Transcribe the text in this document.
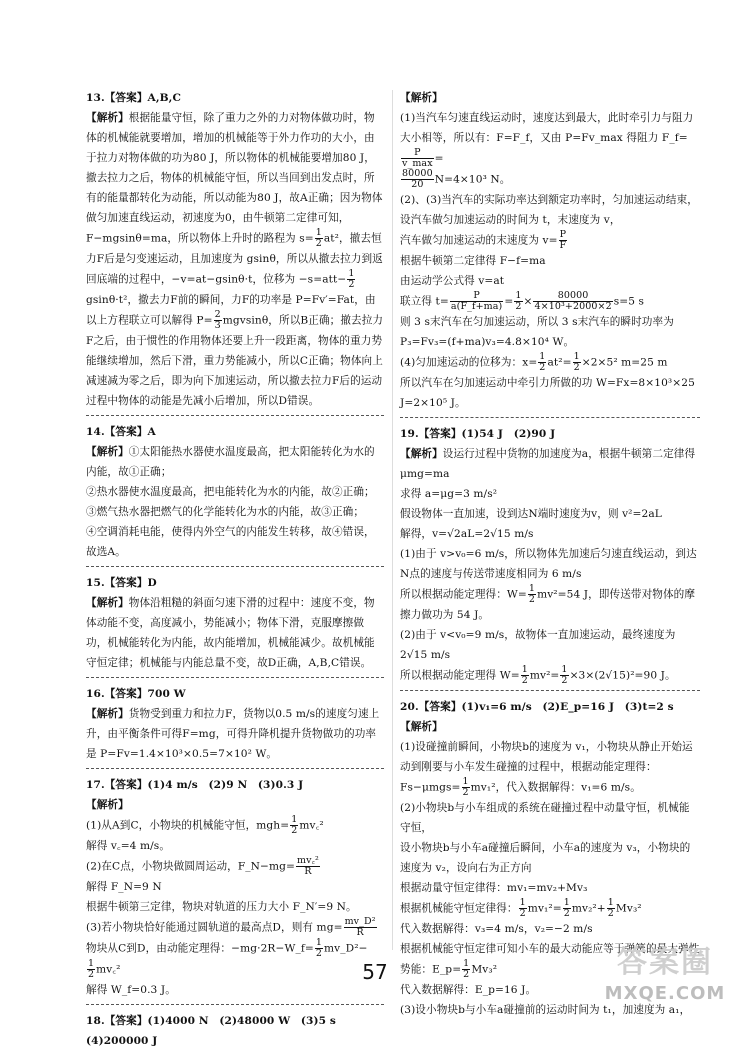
13.【答案】A,B,C

【解析】根据能量守恒，除了重力之外的力对物体做功时，物体的机械能就要增加，增加的机械能等于外力作功的大小，由于拉力对物体做的功为80 J，所以物体的机械能要增加80 J，撤去拉力之后，物体的机械能守恒，所以当回到出发点时，所有的能量都转化为动能，所以动能为80 J，故A正确；因为物体做匀加速直线运动，初速度为0，由牛顿第二定律可知，F−mgsinθ=ma，所以物体上升时的路程为 $s= \frac{1}{2} at^2$，撤去恒力F后是匀变速运动，且加速度为 gsinθ，所以从撤去拉力到返回底端的过程中，−v=at−gsinθ·t，位移为 $-s=att- \frac{1}{2}$
gsinθ·t²，撤去力F前的瞬间，力F的功率是 P=Fv′=Fat，由以上方程联立可以解得 $P= \frac{2}{3}$ mgvsinθ，所以B正确；撤去拉力F之后，由于惯性的作用物体还要上升一段距离，物体的重力势能继续增加，然后下滑，重力势能减小，所以C正确；物体向上减速减为零之后，即为向下加速运动，所以撤去拉力F后的运动过程中物体的动能是先减小后增加，所以D错误。

14.【答案】A

【解析】①太阳能热水器使水温度最高，把太阳能转化为水的内能，故①正确；

②热水器使水温度最高，把电能转化为水的内能，故②正确；

③燃气热水器把燃气的化学能转化为水的内能，故③正确；

④空调消耗电能，使得内外空气的内能发生转移，故④错误，故选A。

15.【答案】D

【解析】物体沿粗糙的斜面匀速下滑的过程中：速度不变，物体动能不变，高度减小，势能减小；物体下滑，克服摩擦做功，机械能转化为内能，故内能增加，机械能减少。故机械能守恒定律；机械能与内能总量不变，故D正确，A,B,C错误。

16.【答案】700 W

【解析】货物受到重力和拉力F，货物以0.5 m/s的速度匀速上升，由平衡条件可得F=mg，可得升降机提升货物做功的功率是 P=Fv=1.4×10³×0.5=7×10² W。

17.【答案】(1)4 m/s　(2)9 N　(3)0.3 J

【解析】

(1)从A到C，小物块的机械能守恒，$mgh= \frac{1}{2}$ mv꜀²

解得 v꜀=4 m/s。

(2)在C点，小物块做圆周运动，F_N−mg= $\frac{\text{mv꜀²}}{R}$

解得 F_N=9 N

根据牛顿第三定律，物块对轨道的压力大小 F_N′=9 N。

(3)若小物块恰好能通过圆轨道的最高点D，则有 $mg= \frac{\text{mv\_D²}}{R}$

物块从C到D，由动能定理得：−mg·2R−W_f= $\frac{1}{2}$ mv_D²−

$\frac{1}{2}$ mv꜀²

解得 W_f=0.3 J。

18.【答案】(1)4000 N　(2)48000 W　(3)5 s　(4)200000 J

【解析】

(1)当汽车匀速直线运动时，速度达到最大，此时牵引力与阻力大小相等，所以有：F=F_f，又由 P=Fv_max 得阻力 F_f=
$\frac{P}{v\_\max}$ =

$\frac{80000}{20} N=4\times 10^3$ N。

(2)、(3)当汽车的实际功率达到额定功率时，匀加速运动结束，设汽车做匀加速运动的时间为 t，末速度为 v，

汽车做匀加速运动的末速度为 $v= \frac{P}{F}$

根据牛顿第二定律得 F−f=ma

由运动学公式得 v=at

联立得 $t= \frac{P}{a(F\_f+ma)} = \frac{1}{2} \times \frac{80000}{\text{4×10³+2000×2}} s=5$ s

则 3 s末汽车在匀加速运动，所以 3 s末汽车的瞬时功率为 P₃=Fv₃=(f+ma)v₃=4.8×10⁴ W。

(4)匀加速运动的位移为：$x= \frac{1}{2} at^2= \frac{1}{2} \times 2\times 5^2$ m=25 m

所以汽车在匀加速运动中牵引力所做的功 W=Fx=8×10³×25 J=2×10⁵ J。

19.【答案】(1)54 J　(2)90 J

【解析】设运行过程中货物的加速度为a，根据牛顿第二定律得 μmg=ma

求得 a=μg=3 m/s²

假设物体一直加速，设到达N端时速度为v，则 v²=2aL

解得，v=√2aL=2√15 m/s

(1)由于 v>v₀=6 m/s，所以物体先加速后匀速直线运动，到达N点的速度与传送带速度相同为 6 m/s

所以根据动能定理得：$W= \frac{1}{2} mv^2=54$ J，即传送带对物体的摩擦力做功为 54 J。

(2)由于 v<v₀=9 m/s，故物体一直加速运动，最终速度为 2√15 m/s

所以根据动能定理得 $W= \frac{1}{2} mv^2= \frac{1}{2} \times 3\times(2√15)^2=90$ J。

20.【答案】(1)v₁=6 m/s　(2)E_p=16 J　(3)t=2 s

【解析】

(1)设碰撞前瞬间，小物块b的速度为 v₁，小物块从静止开始运动到刚要与小车发生碰撞的过程中，根据动能定理得：$Fs-\mu mgs= \frac{1}{2} mv_1^2$，代入数据解得：v₁=6 m/s。

(2)小物块b与小车组成的系统在碰撞过程中动量守恒，机械能守恒，

设小物块b与小车a碰撞后瞬间，小车a的速度为 v₃，小物块的速度为 v₂，设向右为正方向

根据动量守恒定律得：mv₁=mv₂+Mv₃

根据机械能守恒定律得： $\frac{1}{2} mv_1^2= \frac{1}{2} mv_2^2+ \frac{1}{2} Mv_3^2$

代入数据解得：v₃=4 m/s，v₂=−2 m/s

根据机械能守恒定律可知小车的最大动能应等于弹簧的最大弹性势能：E_p= $\frac{1}{2} Mv_3^2$

代入数据解得：E_p=16 J。

(3)设小物块b与小车a碰撞前的运动时间为 t₁，加速度为 a₁，

57	答案圈
MXQE.COM
